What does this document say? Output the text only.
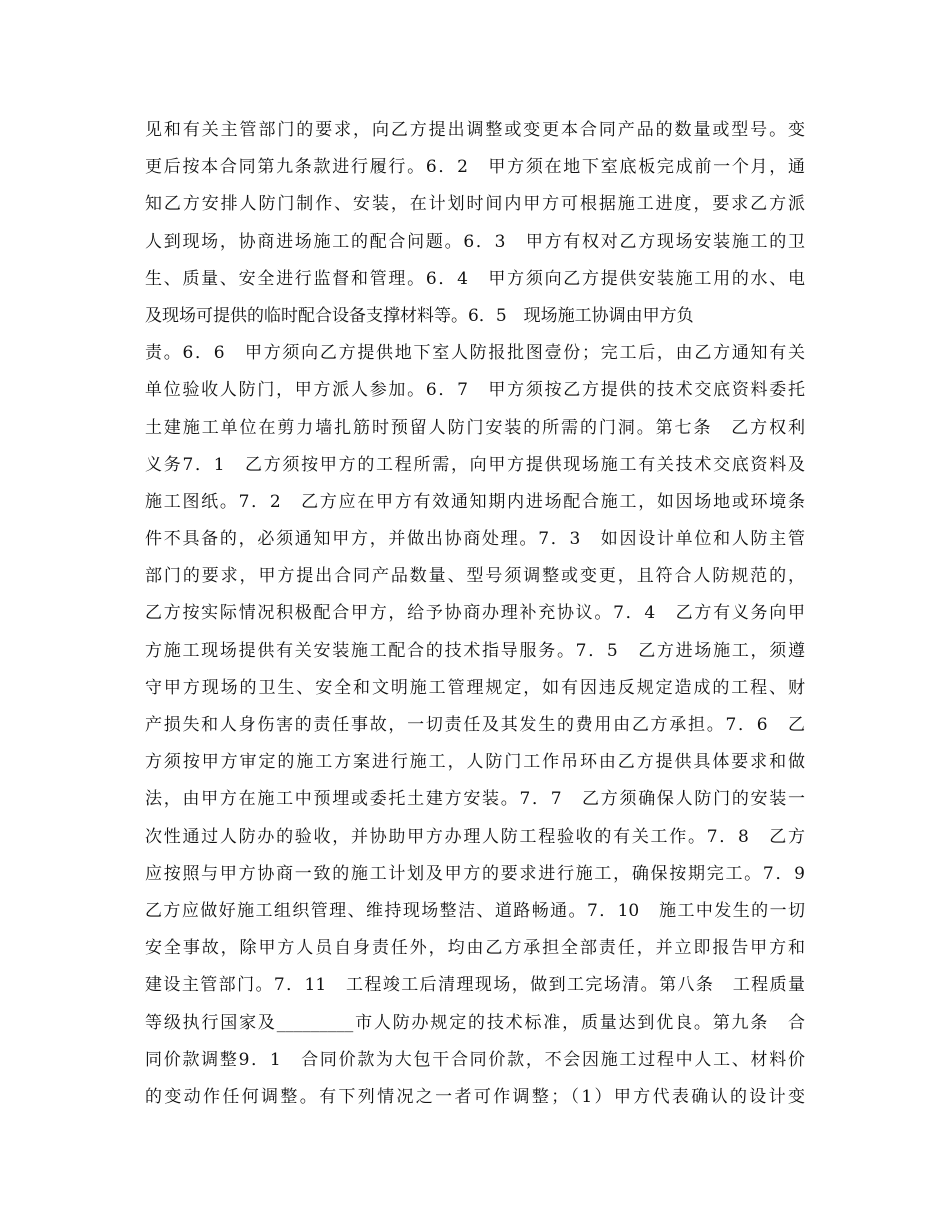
见和有关主管部门的要求，向乙方提出调整或变更本合同产品的数量或型号。变
更后按本合同第九条款进行履行。6．2　甲方须在地下室底板完成前一个月，通
知乙方安排人防门制作、安装，在计划时间内甲方可根据施工进度，要求乙方派
人到现场，协商进场施工的配合问题。6．3　甲方有权对乙方现场安装施工的卫
生、质量、安全进行监督和管理。6．4　甲方须向乙方提供安装施工用的水、电
及现场可提供的临时配合设备支撑材料等。6．5　现场施工协调由甲方负
责。6．6　甲方须向乙方提供地下室人防报批图壹份；完工后，由乙方通知有关
单位验收人防门，甲方派人参加。6．7　甲方须按乙方提供的技术交底资料委托
土建施工单位在剪力墙扎筋时预留人防门安装的所需的门洞。第七条　乙方权利
义务7．1　乙方须按甲方的工程所需，向甲方提供现场施工有关技术交底资料及
施工图纸。7．2　乙方应在甲方有效通知期内进场配合施工，如因场地或环境条
件不具备的，必须通知甲方，并做出协商处理。7．3　如因设计单位和人防主管
部门的要求，甲方提出合同产品数量、型号须调整或变更，且符合人防规范的，
乙方按实际情况积极配合甲方，给予协商办理补充协议。7．4　乙方有义务向甲
方施工现场提供有关安装施工配合的技术指导服务。7．5　乙方进场施工，须遵
守甲方现场的卫生、安全和文明施工管理规定，如有因违反规定造成的工程、财
产损失和人身伤害的责任事故，一切责任及其发生的费用由乙方承担。7．6　乙
方须按甲方审定的施工方案进行施工，人防门工作吊环由乙方提供具体要求和做
法，由甲方在施工中预埋或委托土建方安装。7．7　乙方须确保人防门的安装一
次性通过人防办的验收，并协助甲方办理人防工程验收的有关工作。7．8　乙方
应按照与甲方协商一致的施工计划及甲方的要求进行施工，确保按期完工。7．9
乙方应做好施工组织管理、维持现场整洁、道路畅通。7．10　施工中发生的一切
安全事故，除甲方人员自身责任外，均由乙方承担全部责任，并立即报告甲方和
建设主管部门。7．11　工程竣工后清理现场，做到工完场清。第八条　工程质量
等级执行国家及_________市人防办规定的技术标准，质量达到优良。第九条　合
同价款调整9．1　合同价款为大包干合同价款，不会因施工过程中人工、材料价
的变动作任何调整。有下列情况之一者可作调整；（1）甲方代表确认的设计变
